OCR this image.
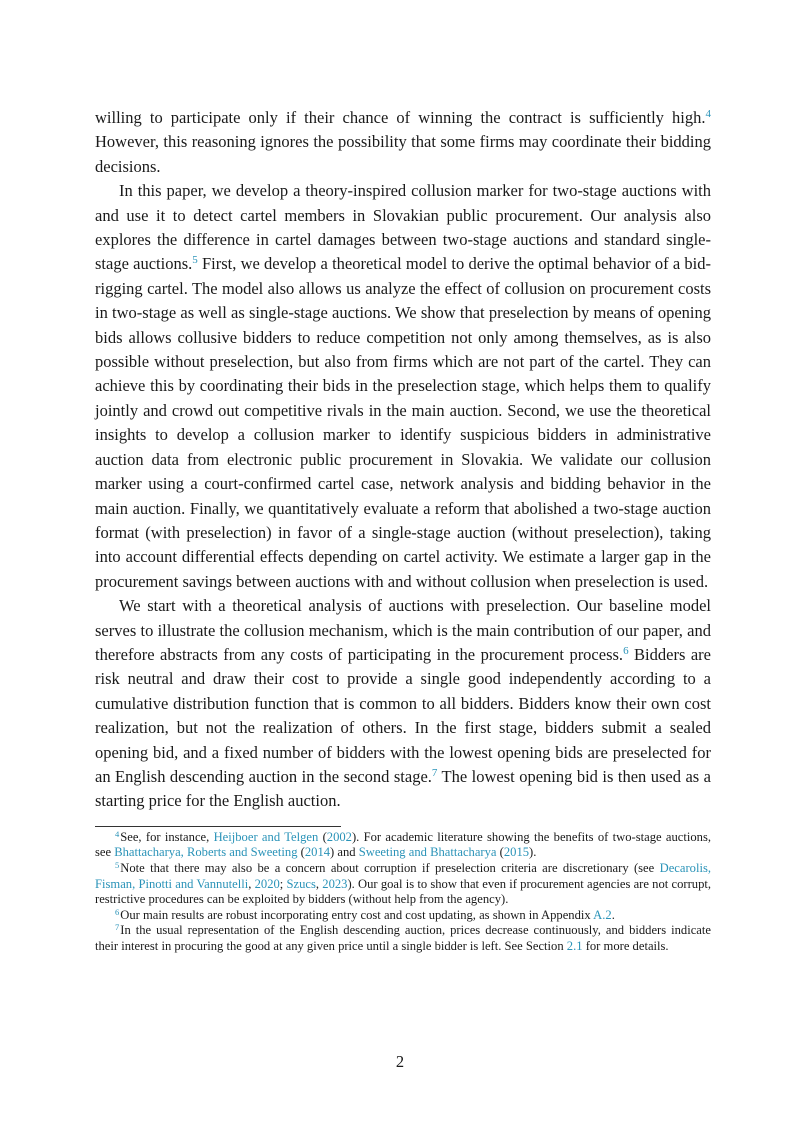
willing to participate only if their chance of winning the contract is sufficiently high.$^4$ However, this reasoning ignores the possibility that some firms may coordinate their bidding decisions.

In this paper, we develop a theory-inspired collusion marker for two-stage auctions with and use it to detect cartel members in Slovakian public procurement. Our analysis also explores the difference in cartel damages between two-stage auctions and standard single-stage auctions.$^5$ First, we develop a theoretical model to derive the optimal behavior of a bid-rigging cartel. The model also allows us analyze the effect of collusion on procurement costs in two-stage as well as single-stage auctions. We show that preselection by means of opening bids allows collusive bidders to reduce competition not only among themselves, as is also possible without preselection, but also from firms which are not part of the cartel. They can achieve this by coordinating their bids in the preselection stage, which helps them to qualify jointly and crowd out competitive rivals in the main auction. Second, we use the theoretical insights to develop a collusion marker to identify suspicious bidders in administrative auction data from electronic public procurement in Slovakia. We validate our collusion marker using a court-confirmed cartel case, network analysis and bidding behavior in the main auction. Finally, we quantitatively evaluate a reform that abolished a two-stage auction format (with preselection) in favor of a single-stage auction (without preselection), taking into account differential effects depending on cartel activity. We estimate a larger gap in the procurement savings between auctions with and without collusion when preselection is used.

We start with a theoretical analysis of auctions with preselection. Our baseline model serves to illustrate the collusion mechanism, which is the main contribution of our paper, and therefore abstracts from any costs of participating in the procurement process.$^6$ Bidders are risk neutral and draw their cost to provide a single good independently according to a cumulative distribution function that is common to all bidders. Bidders know their own cost realization, but not the realization of others. In the first stage, bidders submit a sealed opening bid, and a fixed number of bidders with the lowest opening bids are preselected for an English descending auction in the second stage.$^7$ The lowest opening bid is then used as a starting price for the English auction.

$^4$See, for instance, Heijboer and Telgen (2002). For academic literature showing the benefits of two-stage auctions, see Bhattacharya, Roberts and Sweeting (2014) and Sweeting and Bhattacharya (2015).

$^5$Note that there may also be a concern about corruption if preselection criteria are discretionary (see Decarolis, Fisman, Pinotti and Vannutelli, 2020; Szucs, 2023). Our goal is to show that even if procurement agencies are not corrupt, restrictive procedures can be exploited by bidders (without help from the agency).

$^6$Our main results are robust incorporating entry cost and cost updating, as shown in Appendix A.2.

$^7$In the usual representation of the English descending auction, prices decrease continuously, and bidders indicate their interest in procuring the good at any given price until a single bidder is left. See Section 2.1 for more details.

2
